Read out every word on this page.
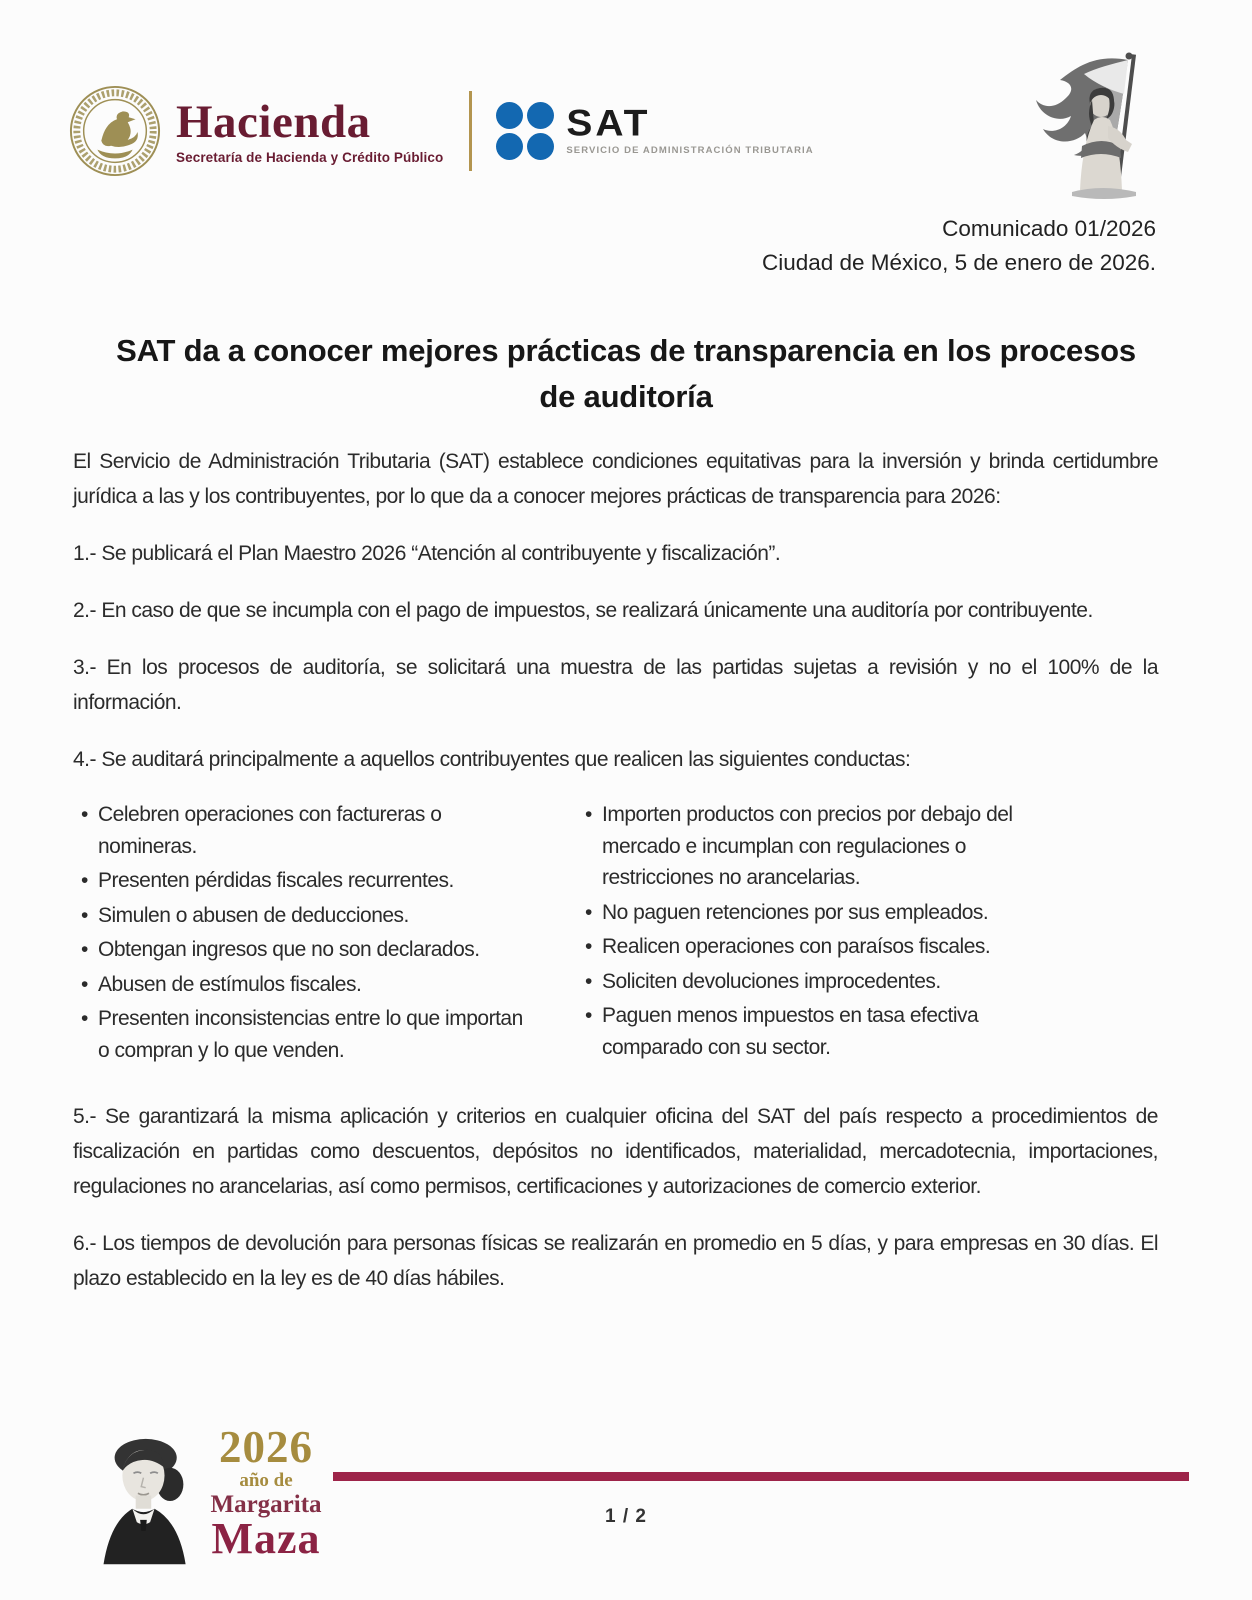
Hacienda
Secretaría de Hacienda y Crédito Público
SAT
SERVICIO DE ADMINISTRACIÓN TRIBUTARIA
Comunicado 01/2026
Ciudad de México, 5 de enero de 2026.
SAT da a conocer mejores prácticas de transparencia en los procesos de auditoría

El Servicio de Administración Tributaria (SAT) establece condiciones equitativas para la inversión y brinda certidumbre jurídica a las y los contribuyentes, por lo que da a conocer mejores prácticas de transparencia para 2026:

1.- Se publicará el Plan Maestro 2026 “Atención al contribuyente y fiscalización”.

2.- En caso de que se incumpla con el pago de impuestos, se realizará únicamente una auditoría por contribuyente.

3.- En los procesos de auditoría, se solicitará una muestra de las partidas sujetas a revisión y no el 100% de la información.

4.- Se auditará principalmente a aquellos contribuyentes que realicen las siguientes conductas:

• Celebren operaciones con factureras o nomineras.
• Presenten pérdidas fiscales recurrentes.
• Simulen o abusen de deducciones.
• Obtengan ingresos que no son declarados.
• Abusen de estímulos fiscales.
• Presenten inconsistencias entre lo que importan o compran y lo que venden.
• Importen productos con precios por debajo del mercado e incumplan con regulaciones o restricciones no arancelarias.
• No paguen retenciones por sus empleados.
• Realicen operaciones con paraísos fiscales.
• Soliciten devoluciones improcedentes.
• Paguen menos impuestos en tasa efectiva comparado con su sector.

5.- Se garantizará la misma aplicación y criterios en cualquier oficina del SAT del país respecto a procedimientos de fiscalización en partidas como descuentos, depósitos no identificados, materialidad, mercadotecnia, importaciones, regulaciones no arancelarias, así como permisos, certificaciones y autorizaciones de comercio exterior.

6.- Los tiempos de devolución para personas físicas se realizarán en promedio en 5 días, y para empresas en 30 días. El plazo establecido en la ley es de 40 días hábiles.

2026
año de
Margarita
Maza	1 / 2
